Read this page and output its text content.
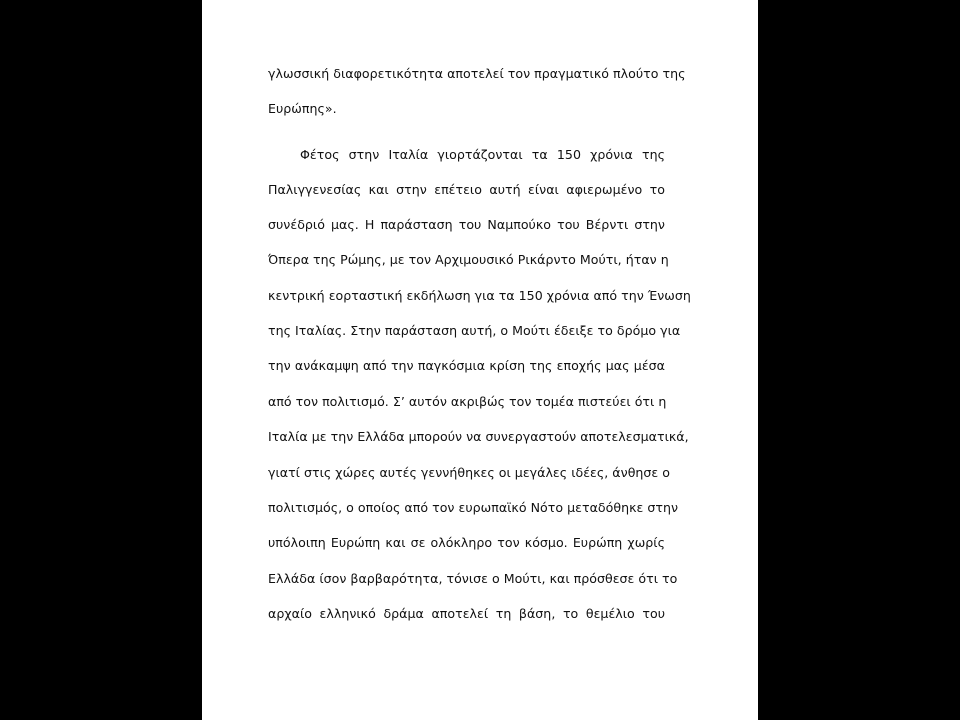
γλωσσική διαφορετικότητα αποτελεί τον πραγματικό πλούτο της
Ευρώπης».
Φέτος στην Ιταλία γιορτάζονται τα 150 χρόνια της
Παλιγγενεσίας και στην επέτειο αυτή είναι αφιερωμένο το
συνέδριό μας. Η παράσταση του Ναμπούκο του Βέρντι στην
Όπερα της Ρώμης, με τον Αρχιμουσικό Ρικάρντο Μούτι, ήταν η
κεντρική εορταστική εκδήλωση για τα 150 χρόνια από την Ένωση
της Ιταλίας. Στην παράσταση αυτή, ο Μούτι έδειξε το δρόμο για
την ανάκαμψη από την παγκόσμια κρίση της εποχής μας μέσα
από τον πολιτισμό. Σ’ αυτόν ακριβώς τον τομέα πιστεύει ότι η
Ιταλία με την Ελλάδα μπορούν να συνεργαστούν αποτελεσματικά,
γιατί στις χώρες αυτές γεννήθηκες οι μεγάλες ιδέες, άνθησε ο
πολιτισμός, ο οποίος από τον ευρωπαϊκό Νότο μεταδόθηκε στην
υπόλοιπη Ευρώπη και σε ολόκληρο τον κόσμο. Ευρώπη χωρίς
Ελλάδα ίσον βαρβαρότητα, τόνισε ο Μούτι, και πρόσθεσε ότι το
αρχαίο ελληνικό δράμα αποτελεί τη βάση, το θεμέλιο του
